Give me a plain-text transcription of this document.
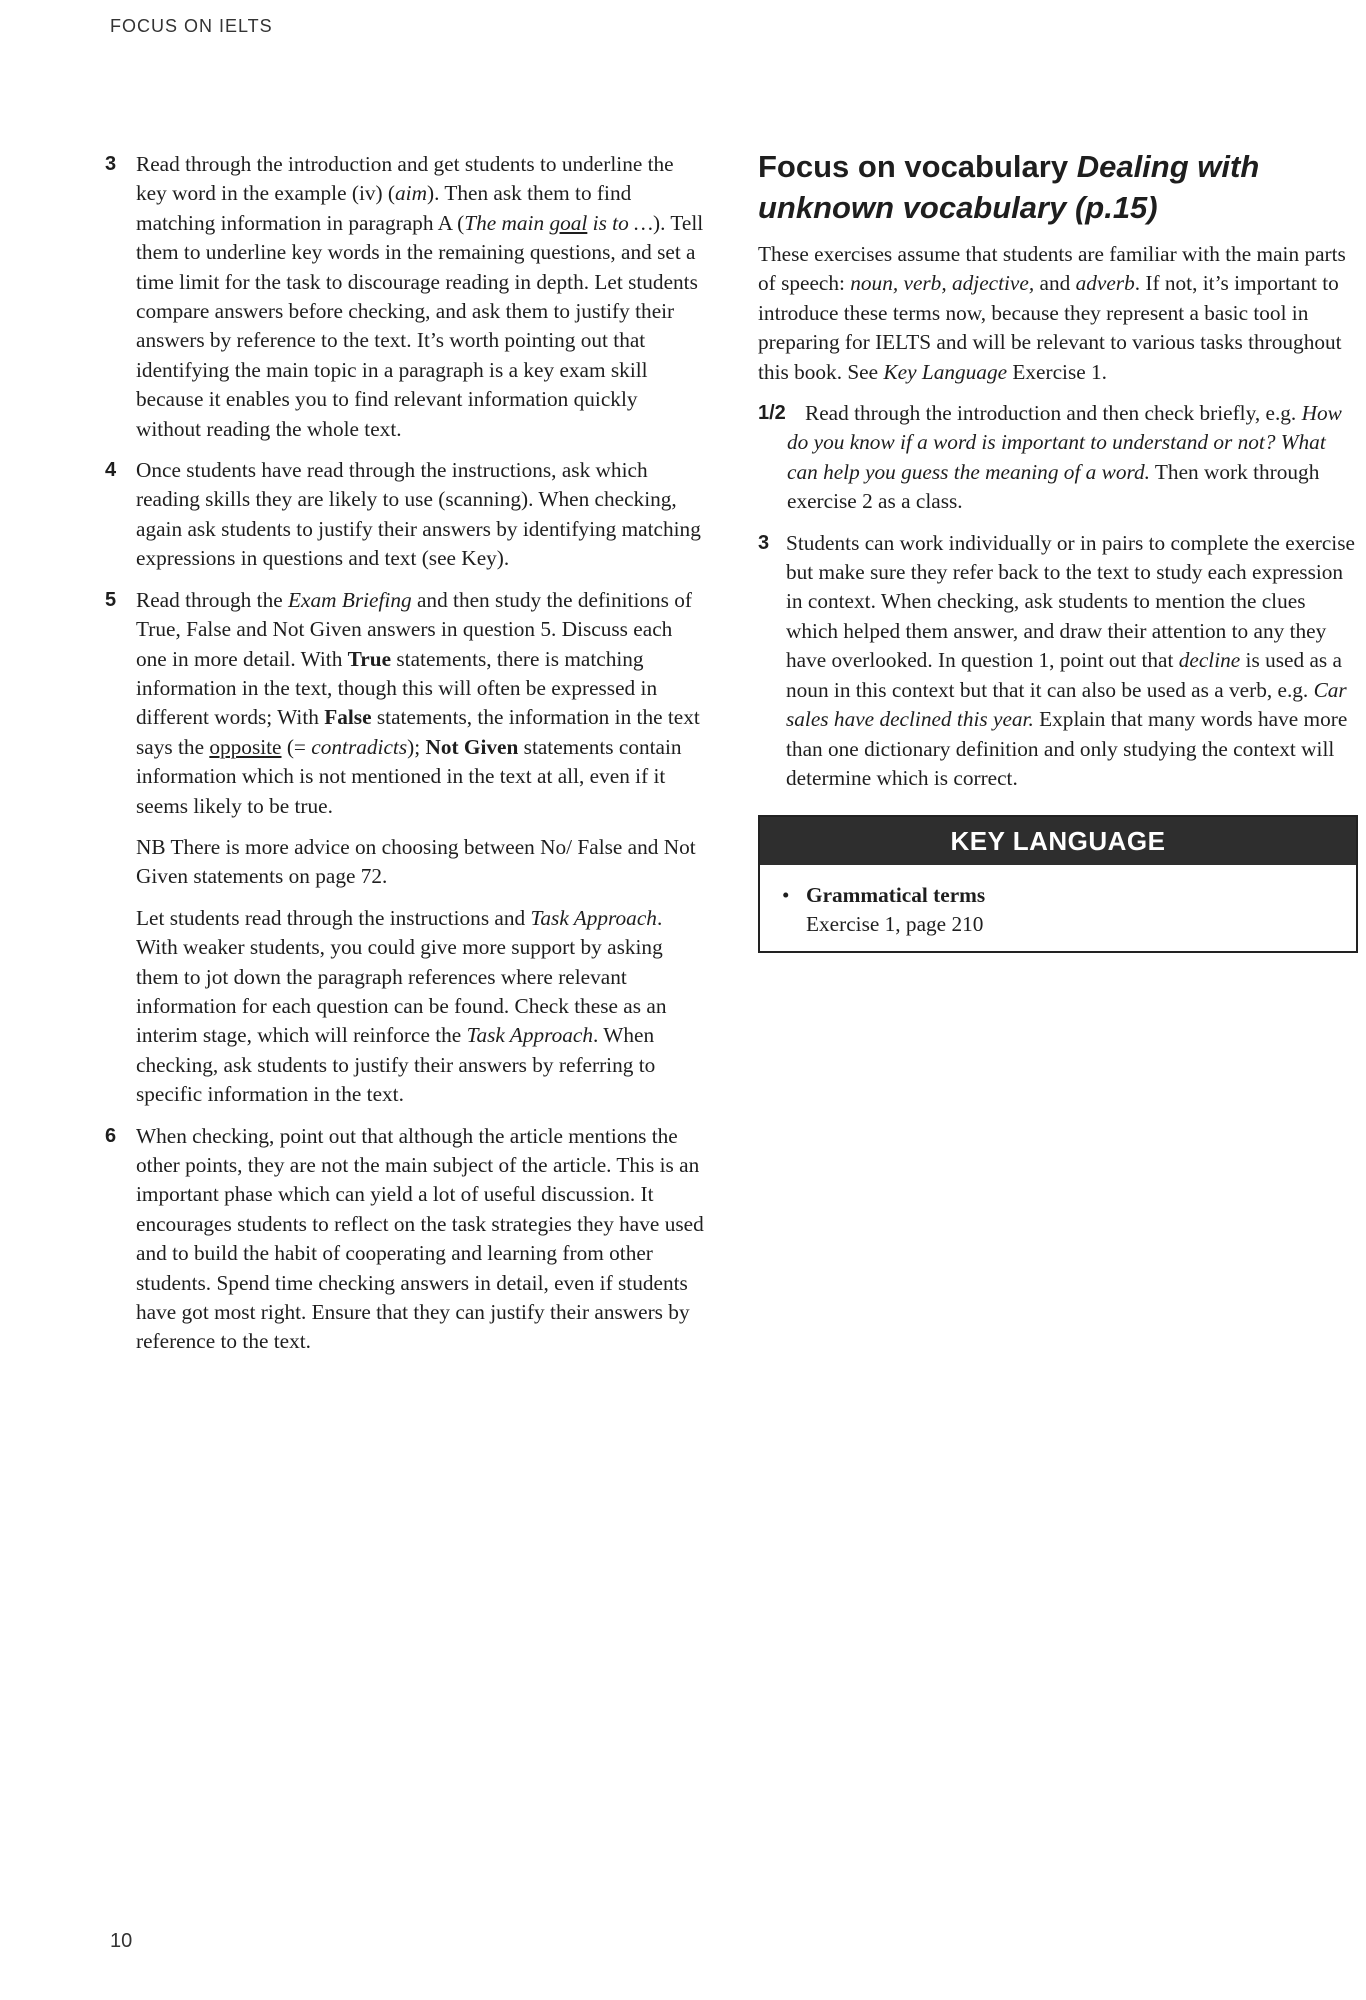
FOCUS ON IELTS
3 Read through the introduction and get students to underline the key word in the example (iv) (aim). Then ask them to find matching information in paragraph A (The main goal is to …). Tell them to underline key words in the remaining questions, and set a time limit for the task to discourage reading in depth. Let students compare answers before checking, and ask them to justify their answers by reference to the text. It’s worth pointing out that identifying the main topic in a paragraph is a key exam skill because it enables you to find relevant information quickly without reading the whole text.
4 Once students have read through the instructions, ask which reading skills they are likely to use (scanning). When checking, again ask students to justify their answers by identifying matching expressions in questions and text (see Key).
5 Read through the Exam Briefing and then study the definitions of True, False and Not Given answers in question 5. Discuss each one in more detail. With True statements, there is matching information in the text, though this will often be expressed in different words; With False statements, the information in the text says the opposite (= contradicts); Not Given statements contain information which is not mentioned in the text at all, even if it seems likely to be true.

NB There is more advice on choosing between No/ False and Not Given statements on page 72.

Let students read through the instructions and Task Approach. With weaker students, you could give more support by asking them to jot down the paragraph references where relevant information for each question can be found. Check these as an interim stage, which will reinforce the Task Approach. When checking, ask students to justify their answers by referring to specific information in the text.

6 When checking, point out that although the article mentions the other points, they are not the main subject of the article. This is an important phase which can yield a lot of useful discussion. It encourages students to reflect on the task strategies they have used and to build the habit of cooperating and learning from other students. Spend time checking answers in detail, even if students have got most right. Ensure that they can justify their answers by reference to the text.
Focus on vocabulary Dealing with unknown vocabulary (p.15)

These exercises assume that students are familiar with the main parts of speech: noun, verb, adjective, and adverb. If not, it’s important to introduce these terms now, because they represent a basic tool in preparing for IELTS and will be relevant to various tasks throughout this book. See Key Language Exercise 1.

1/2 Read through the introduction and then check briefly, e.g. How do you know if a word is important to understand or not? What can help you guess the meaning of a word. Then work through exercise 2 as a class.
3 Students can work individually or in pairs to complete the exercise but make sure they refer back to the text to study each expression in context. When checking, ask students to mention the clues which helped them answer, and draw their attention to any they have overlooked. In question 1, point out that decline is used as a noun in this context but that it can also be used as a verb, e.g. Car sales have declined this year. Explain that many words have more than one dictionary definition and only studying the context will determine which is correct.
KEY LANGUAGE
• Grammatical terms
Exercise 1, page 210
10
